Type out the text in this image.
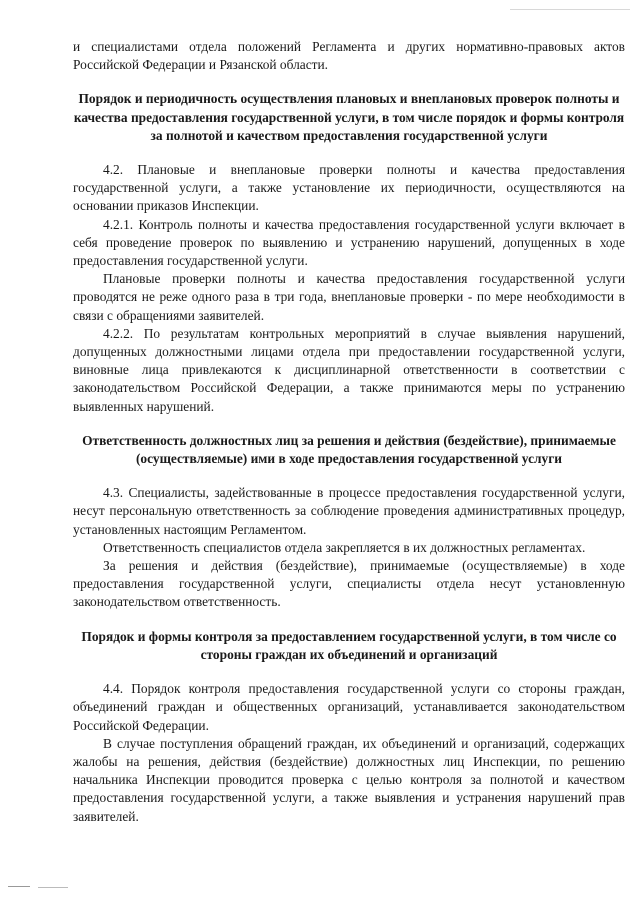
и специалистами отдела положений Регламента и других нормативно-правовых актов Российской Федерации и Рязанской области.

Порядок и периодичность осуществления плановых и внеплановых проверок полноты и качества предоставления государственной услуги, в том числе порядок и формы контроля за полнотой и качеством предоставления государственной услуги

4.2. Плановые и внеплановые проверки полноты и качества предоставления государственной услуги, а также установление их периодичности, осуществляются на основании приказов Инспекции.

4.2.1. Контроль полноты и качества предоставления государственной услуги включает в себя проведение проверок по выявлению и устранению нарушений, допущенных в ходе предоставления государственной услуги.

Плановые проверки полноты и качества предоставления государственной услуги проводятся не реже одного раза в три года, внеплановые проверки - по мере необходимости в связи с обращениями заявителей.

4.2.2. По результатам контрольных мероприятий в случае выявления нарушений, допущенных должностными лицами отдела при предоставлении государственной услуги, виновные лица привлекаются к дисциплинарной ответственности в соответствии с законодательством Российской Федерации, а также принимаются меры по устранению выявленных нарушений.

Ответственность должностных лиц за решения и действия (бездействие), принимаемые (осуществляемые) ими в ходе предоставления государственной услуги

4.3. Специалисты, задействованные в процессе предоставления государственной услуги, несут персональную ответственность за соблюдение проведения административных процедур, установленных настоящим Регламентом.

Ответственность специалистов отдела закрепляется в их должностных регламентах.

За решения и действия (бездействие), принимаемые (осуществляемые) в ходе предоставления государственной услуги, специалисты отдела несут установленную законодательством ответственность.

Порядок и формы контроля за предоставлением государственной услуги, в том числе со стороны граждан их объединений и организаций

4.4. Порядок контроля предоставления государственной услуги со стороны граждан, объединений граждан и общественных организаций, устанавливается законодательством Российской Федерации.

В случае поступления обращений граждан, их объединений и организаций, содержащих жалобы на решения, действия (бездействие) должностных лиц Инспекции, по решению начальника Инспекции проводится проверка с целью контроля за полнотой и качеством предоставления государственной услуги, а также выявления и устранения нарушений прав заявителей.
